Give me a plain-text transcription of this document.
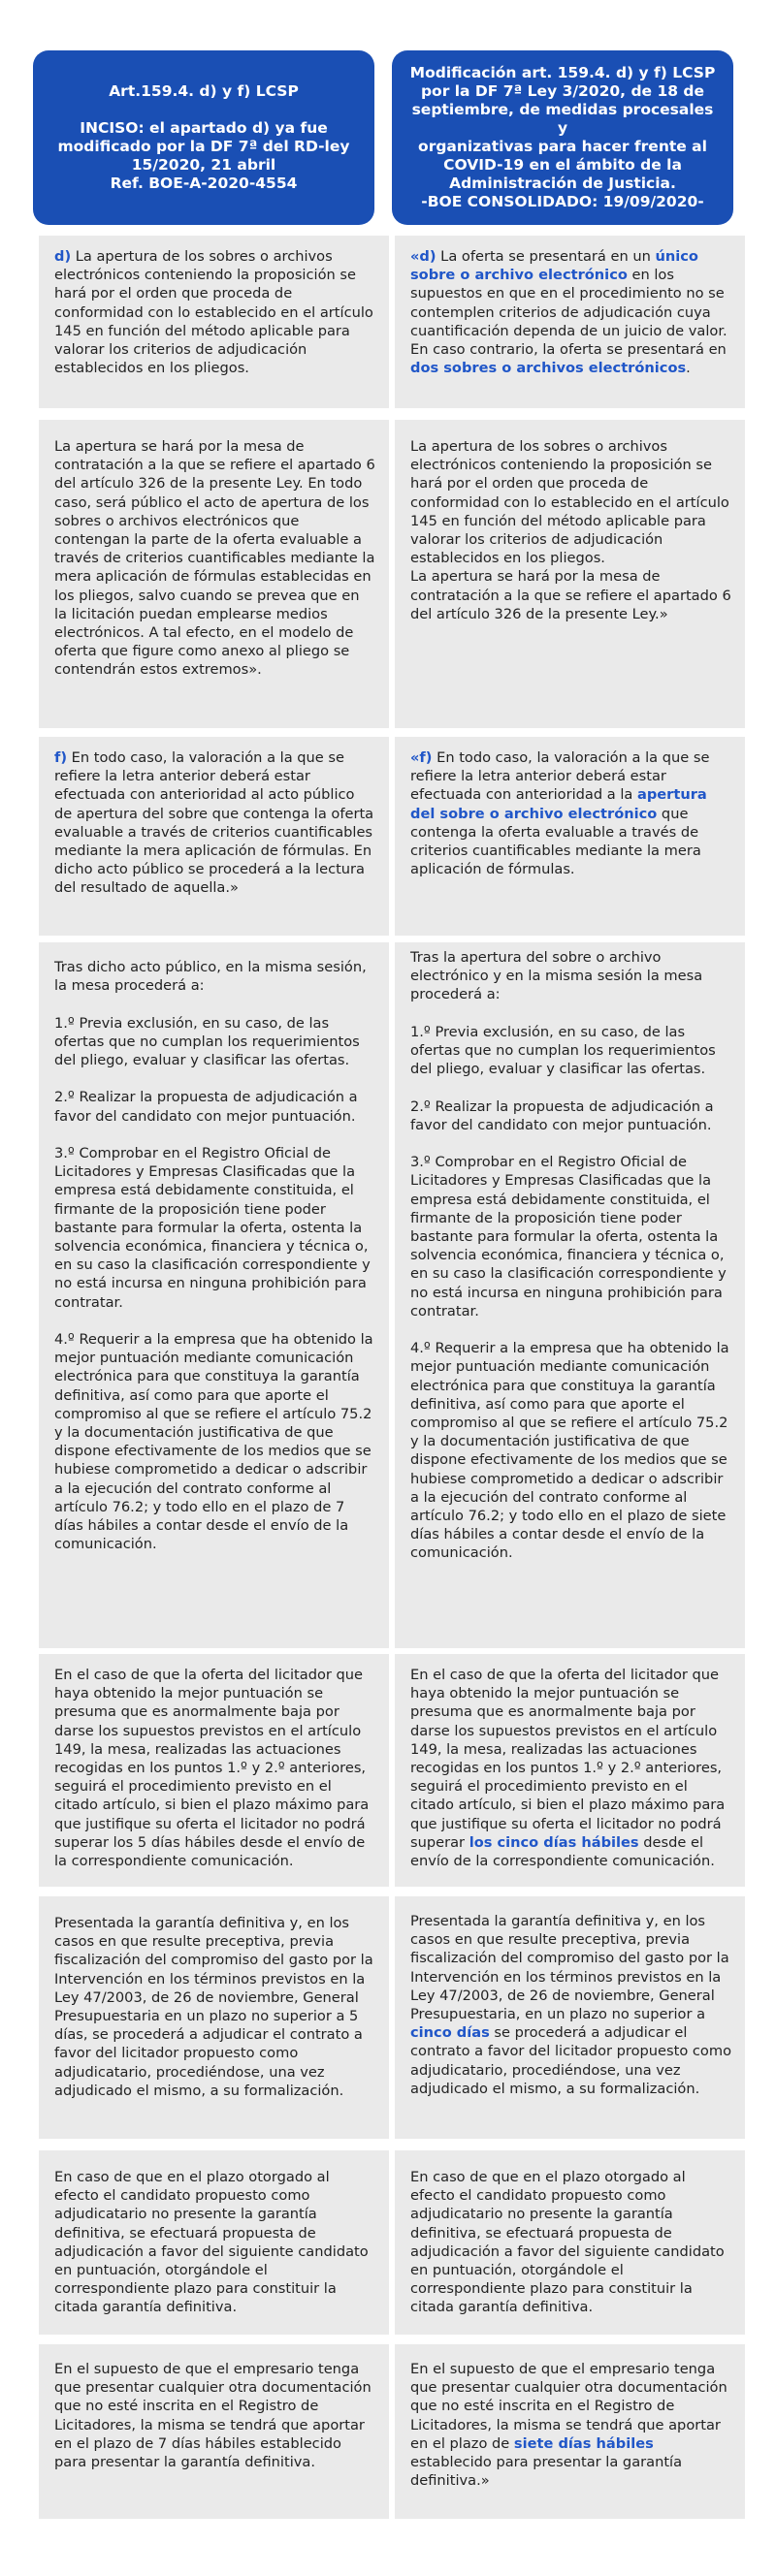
Art.159.4. d) y f) LCSP
INCISO: el apartado d) ya fue
modificado por la DF 7ª del RD-ley
15/2020, 21 abril
Ref. BOE-A-2020-4554
Modificación art. 159.4. d) y f) LCSP
por la DF 7ª Ley 3/2020, de 18 de
septiembre, de medidas procesales y
organizativas para hacer frente al
COVID-19 en el ámbito de la
Administración de Justicia.
-BOE CONSOLIDADO: 19/09/2020-

d) La apertura de los sobres o archivos electrónicos conteniendo la proposición se hará por el orden que proceda de conformidad con lo establecido en el artículo 145 en función del método aplicable para valorar los criterios de adjudicación establecidos en los pliegos.

«d) La oferta se presentará en un único sobre o archivo electrónico en los supuestos en que en el procedimiento no se contemplen criterios de adjudicación cuya cuantificación dependa de un juicio de valor. En caso contrario, la oferta se presentará en dos sobres o archivos electrónicos.

La apertura se hará por la mesa de contratación a la que se refiere el apartado 6 del artículo 326 de la presente Ley. En todo caso, será público el acto de apertura de los sobres o archivos electrónicos que contengan la parte de la oferta evaluable a través de criterios cuantificables mediante la mera aplicación de fórmulas establecidas en los pliegos, salvo cuando se prevea que en la licitación puedan emplearse medios electrónicos. A tal efecto, en el modelo de oferta que figure como anexo al pliego se contendrán estos extremos».

La apertura de los sobres o archivos electrónicos conteniendo la proposición se hará por el orden que proceda de conformidad con lo establecido en el artículo 145 en función del método aplicable para valorar los criterios de adjudicación establecidos en los pliegos.

La apertura se hará por la mesa de contratación a la que se refiere el apartado 6 del artículo 326 de la presente Ley.»

f) En todo caso, la valoración a la que se refiere la letra anterior deberá estar efectuada con anterioridad al acto público de apertura del sobre que contenga la oferta evaluable a través de criterios cuantificables mediante la mera aplicación de fórmulas. En dicho acto público se procederá a la lectura del resultado de aquella.»

«f) En todo caso, la valoración a la que se refiere la letra anterior deberá estar efectuada con anterioridad a la apertura del sobre o archivo electrónico que contenga la oferta evaluable a través de criterios cuantificables mediante la mera aplicación de fórmulas.

Tras dicho acto público, en la misma sesión, la mesa procederá a:

1.º Previa exclusión, en su caso, de las ofertas que no cumplan los requerimientos del pliego, evaluar y clasificar las ofertas.

2.º Realizar la propuesta de adjudicación a favor del candidato con mejor puntuación.

3.º Comprobar en el Registro Oficial de Licitadores y Empresas Clasificadas que la empresa está debidamente constituida, el firmante de la proposición tiene poder bastante para formular la oferta, ostenta la solvencia económica, financiera y técnica o, en su caso la clasificación correspondiente y no está incursa en ninguna prohibición para contratar.

4.º Requerir a la empresa que ha obtenido la mejor puntuación mediante comunicación electrónica para que constituya la garantía definitiva, así como para que aporte el compromiso al que se refiere el artículo 75.2 y la documentación justificativa de que dispone efectivamente de los medios que se hubiese comprometido a dedicar o adscribir a la ejecución del contrato conforme al artículo 76.2; y todo ello en el plazo de 7 días hábiles a contar desde el envío de la comunicación.

Tras la apertura del sobre o archivo electrónico y en la misma sesión la mesa procederá a:

1.º Previa exclusión, en su caso, de las ofertas que no cumplan los requerimientos del pliego, evaluar y clasificar las ofertas.

2.º Realizar la propuesta de adjudicación a favor del candidato con mejor puntuación.

3.º Comprobar en el Registro Oficial de Licitadores y Empresas Clasificadas que la empresa está debidamente constituida, el firmante de la proposición tiene poder bastante para formular la oferta, ostenta la solvencia económica, financiera y técnica o, en su caso la clasificación correspondiente y no está incursa en ninguna prohibición para contratar.

4.º Requerir a la empresa que ha obtenido la mejor puntuación mediante comunicación electrónica para que constituya la garantía definitiva, así como para que aporte el compromiso al que se refiere el artículo 75.2 y la documentación justificativa de que dispone efectivamente de los medios que se hubiese comprometido a dedicar o adscribir a la ejecución del contrato conforme al artículo 76.2; y todo ello en el plazo de siete días hábiles a contar desde el envío de la comunicación.

En el caso de que la oferta del licitador que haya obtenido la mejor puntuación se presuma que es anormalmente baja por darse los supuestos previstos en el artículo 149, la mesa, realizadas las actuaciones recogidas en los puntos 1.º y 2.º anteriores, seguirá el procedimiento previsto en el citado artículo, si bien el plazo máximo para que justifique su oferta el licitador no podrá superar los 5 días hábiles desde el envío de la correspondiente comunicación.

En el caso de que la oferta del licitador que haya obtenido la mejor puntuación se presuma que es anormalmente baja por darse los supuestos previstos en el artículo 149, la mesa, realizadas las actuaciones recogidas en los puntos 1.º y 2.º anteriores, seguirá el procedimiento previsto en el citado artículo, si bien el plazo máximo para que justifique su oferta el licitador no podrá superar los cinco días hábiles desde el envío de la correspondiente comunicación.

Presentada la garantía definitiva y, en los casos en que resulte preceptiva, previa fiscalización del compromiso del gasto por la Intervención en los términos previstos en la Ley 47/2003, de 26 de noviembre, General Presupuestaria en un plazo no superior a 5 días, se procederá a adjudicar el contrato a favor del licitador propuesto como adjudicatario, procediéndose, una vez adjudicado el mismo, a su formalización.

Presentada la garantía definitiva y, en los casos en que resulte preceptiva, previa fiscalización del compromiso del gasto por la Intervención en los términos previstos en la Ley 47/2003, de 26 de noviembre, General Presupuestaria, en un plazo no superior a cinco días se procederá a adjudicar el contrato a favor del licitador propuesto como adjudicatario, procediéndose, una vez adjudicado el mismo, a su formalización.

En caso de que en el plazo otorgado al efecto el candidato propuesto como adjudicatario no presente la garantía definitiva, se efectuará propuesta de adjudicación a favor del siguiente candidato en puntuación, otorgándole el correspondiente plazo para constituir la citada garantía definitiva.

En caso de que en el plazo otorgado al efecto el candidato propuesto como adjudicatario no presente la garantía definitiva, se efectuará propuesta de adjudicación a favor del siguiente candidato en puntuación, otorgándole el correspondiente plazo para constituir la citada garantía definitiva.

En el supuesto de que el empresario tenga que presentar cualquier otra documentación que no esté inscrita en el Registro de Licitadores, la misma se tendrá que aportar en el plazo de 7 días hábiles establecido para presentar la garantía definitiva.

En el supuesto de que el empresario tenga que presentar cualquier otra documentación que no esté inscrita en el Registro de Licitadores, la misma se tendrá que aportar en el plazo de siete días hábiles establecido para presentar la garantía definitiva.»
